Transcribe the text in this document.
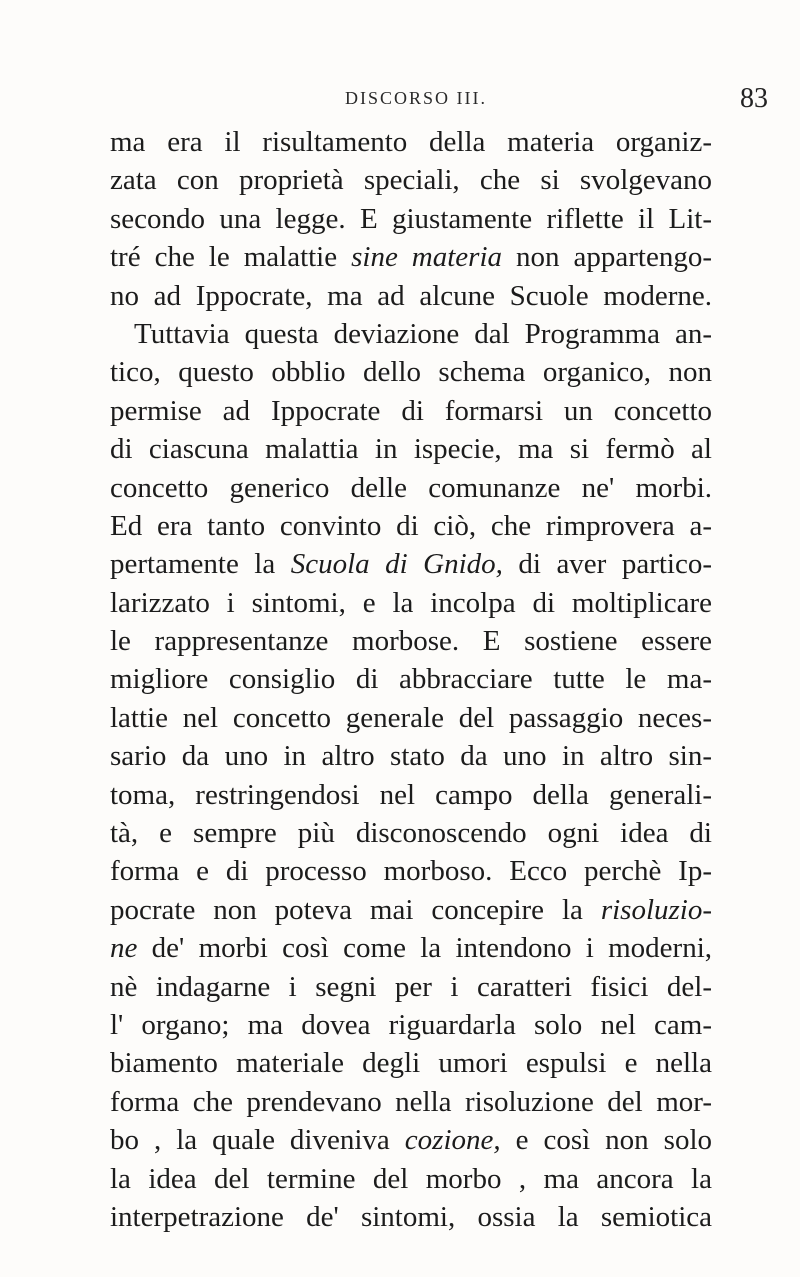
DISCORSO III.	83
ma era il risultamento della materia organiz-
zata con proprietà speciali, che si svolgevano
secondo una legge. E giustamente riflette il Lit-
tré che le malattie sine materia non appartengo-
no ad Ippocrate, ma ad alcune Scuole moderne.
Tuttavia questa deviazione dal Programma an-
tico, questo obblio dello schema organico, non
permise ad Ippocrate di formarsi un concetto
di ciascuna malattia in ispecie, ma si fermò al
concetto generico delle comunanze ne' morbi.
Ed era tanto convinto di ciò, che rimprovera a-
pertamente la Scuola di Gnido, di aver partico-
larizzato i sintomi, e la incolpa di moltiplicare
le rappresentanze morbose. E sostiene essere
migliore consiglio di abbracciare tutte le ma-
lattie nel concetto generale del passaggio neces-
sario da uno in altro stato da uno in altro sin-
toma, restringendosi nel campo della generali-
tà, e sempre più disconoscendo ogni idea di
forma e di processo morboso. Ecco perchè Ip-
pocrate non poteva mai concepire la risoluzio-
ne de' morbi così come la intendono i moderni,
nè indagarne i segni per i caratteri fisici del-
l' organo; ma dovea riguardarla solo nel cam-
biamento materiale degli umori espulsi e nella
forma che prendevano nella risoluzione del mor-
bo , la quale diveniva cozione, e così non solo
la idea del termine del morbo , ma ancora la
interpetrazione de' sintomi, ossia la semiotica
